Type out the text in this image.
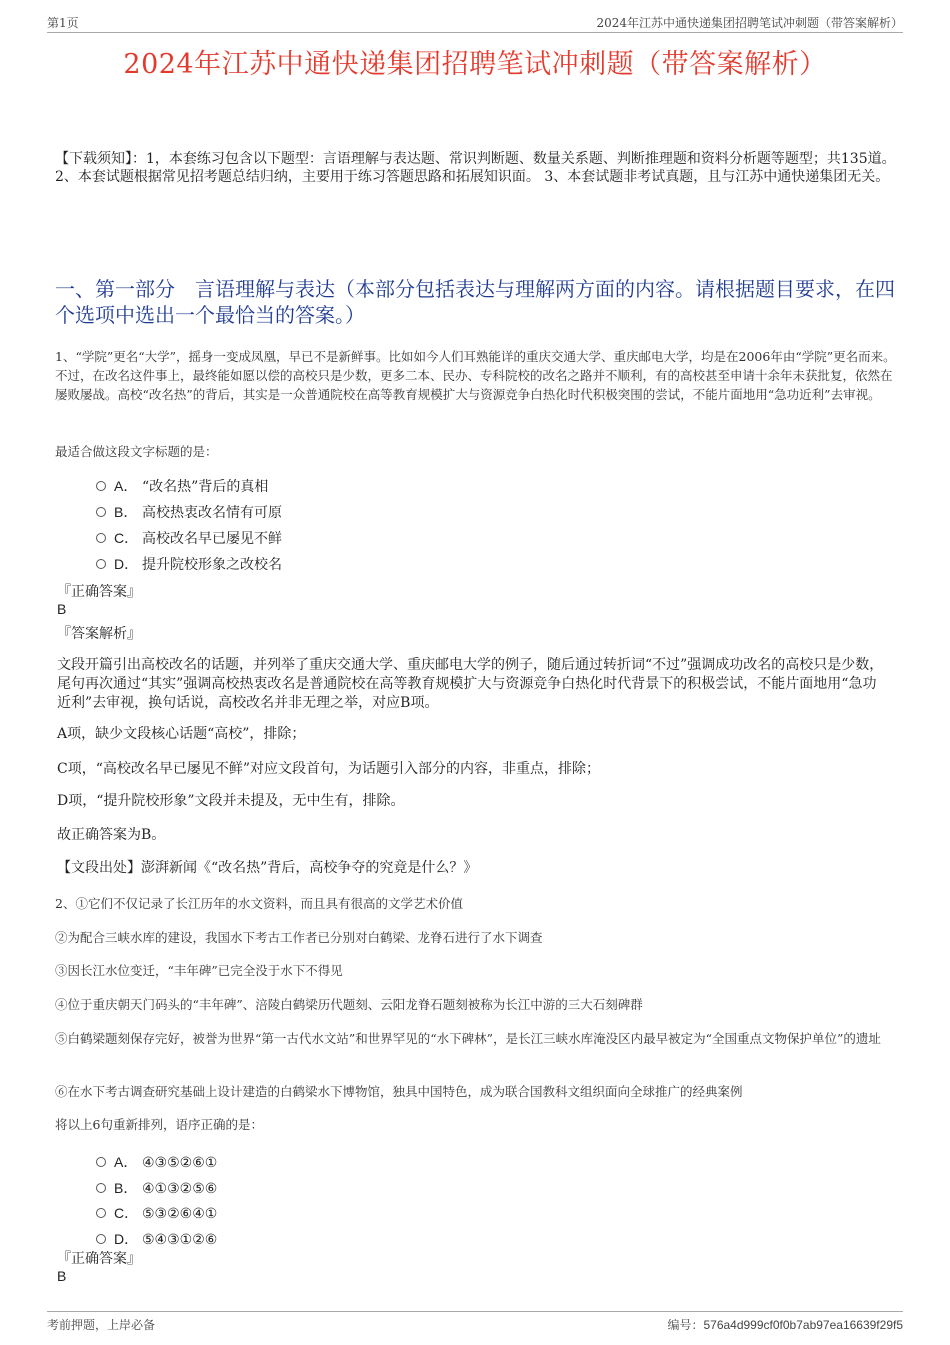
第1页	2024年江苏中通快递集团招聘笔试冲刺题（带答案解析）
2024年江苏中通快递集团招聘笔试冲刺题（带答案解析）
【下载须知】：1，本套练习包含以下题型：言语理解与表达题、常识判断题、数量关系题、判断推理题和资料分析题等题型；共135道。 2、本套试题根据常见招考题总结归纳，主要用于练习答题思路和拓展知识面。 3、本套试题非考试真题，且与江苏中通快递集团无关。
一、第一部分　言语理解与表达（本部分包括表达与理解两方面的内容。请根据题目要求，在四个选项中选出一个最恰当的答案。）
1、“学院”更名“大学”，摇身一变成凤凰，早已不是新鲜事。比如如今人们耳熟能详的重庆交通大学、重庆邮电大学，均是在2006年由“学院”更名而来。不过，在改名这件事上，最终能如愿以偿的高校只是少数，更多二本、民办、专科院校的改名之路并不顺利，有的高校甚至申请十余年未获批复，依然在屡败屡战。高校“改名热”的背后，其实是一众普通院校在高等教育规模扩大与资源竞争白热化时代积极突围的尝试，不能片面地用“急功近利”去审视。
最适合做这段文字标题的是：
A． “改名热”背后的真相
B． 高校热衷改名情有可原
C． 高校改名早已屡见不鲜
D． 提升院校形象之改校名
『正确答案』
B
『答案解析』
文段开篇引出高校改名的话题，并列举了重庆交通大学、重庆邮电大学的例子，随后通过转折词“不过”强调成功改名的高校只是少数，尾句再次通过“其实”强调高校热衷改名是普通院校在高等教育规模扩大与资源竞争白热化时代背景下的积极尝试，不能片面地用“急功近利”去审视，换句话说，高校改名并非无理之举，对应B项。
A项，缺少文段核心话题“高校”，排除；
C项，“高校改名早已屡见不鲜”对应文段首句，为话题引入部分的内容，非重点，排除；
D项，“提升院校形象”文段并未提及，无中生有，排除。
故正确答案为B。
【文段出处】澎湃新闻《“改名热”背后，高校争夺的究竟是什么？》
2、①它们不仅记录了长江历年的水文资料，而且具有很高的文学艺术价值
②为配合三峡水库的建设，我国水下考古工作者已分别对白鹤梁、龙脊石进行了水下调查
③因长江水位变迁，“丰年碑”已完全没于水下不得见
④位于重庆朝天门码头的“丰年碑”、涪陵白鹤梁历代题刻、云阳龙脊石题刻被称为长江中游的三大石刻碑群
⑤白鹤梁题刻保存完好，被誉为世界“第一古代水文站”和世界罕见的“水下碑林”，是长江三峡水库淹没区内最早被定为“全国重点文物保护单位”的遗址
⑥在水下考古调查研究基础上设计建造的白鹤梁水下博物馆，独具中国特色，成为联合国教科文组织面向全球推广的经典案例
将以上6句重新排列，语序正确的是：
A． ④③⑤②⑥①
B． ④①③②⑤⑥
C． ⑤③②⑥④①
D． ⑤④③①②⑥
『正确答案』
B
考前押题，上岸必备	编号：576a4d999cf0f0b7ab97ea16639f29f5
